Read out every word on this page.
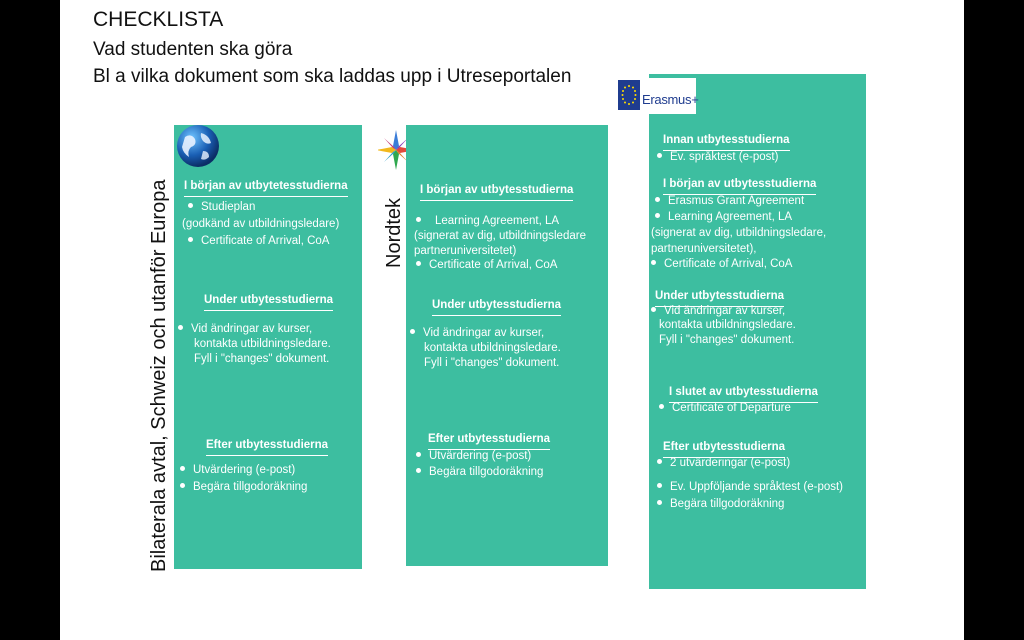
CHECKLISTA
Vad studenten ska göra
Bl a vilka dokument som ska laddas upp i Utreseportalen
Bilaterala avtal, Schweiz och utanför Europa I början av utbytetesstudierna
Studieplan
(godkänd av utbildningsledare)
Certificate of Arrival, CoA
Under utbytesstudierna
Vid ändringar av kurser,
kontakta utbildningsledare.
Fyll i "changes" dokument.
Efter utbytesstudierna
Utvärdering (e-post)
Begära tillgodoräkning
Nordtek
I början av utbytesstudierna
Learning Agreement, LA
(signerat av dig, utbildningsledare
partneruniversitetet)
Certificate of Arrival, CoA
Under utbytesstudierna
Vid ändringar av kurser,
kontakta utbildningsledare.
Fyll i "changes" dokument.
Efter utbytesstudierna
Utvärdering (e-post)
Begära tillgodoräkning
Innan utbytesstudierna
Ev. språktest (e-post)
I början av utbytesstudierna
Erasmus Grant Agreement
Learning Agreement, LA
(signerat av dig, utbildningsledare,
partneruniversitetet),
Certificate of Arrival, CoA
Under utbytesstudierna
Vid ändringar av kurser,
kontakta utbildningsledare.
Fyll i "changes" dokument.
I slutet av utbytesstudierna
Certificate of Departure
Efter utbytesstudierna
2 utvärderingar (e-post)
Ev. Uppföljande språktest (e-post)
Begära tillgodoräkning
Erasmus+
